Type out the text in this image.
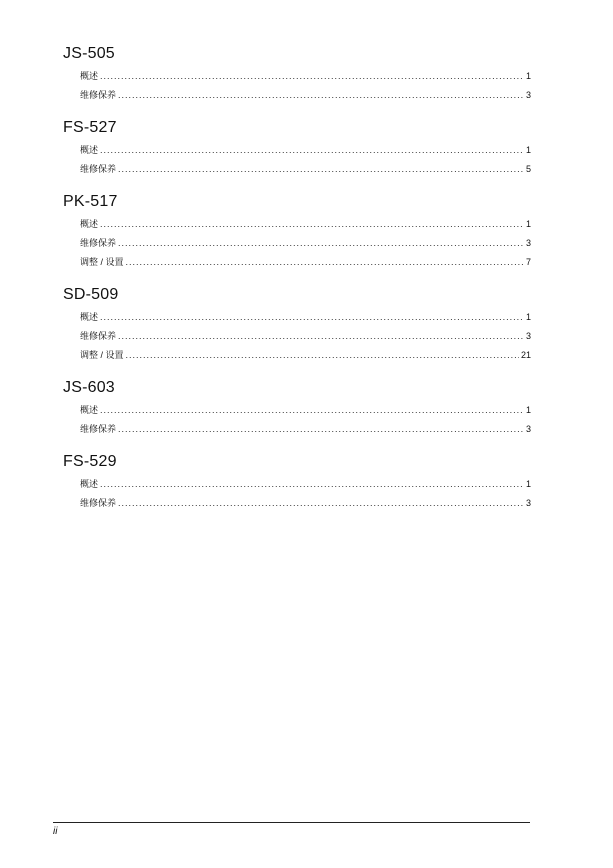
JS-505
概述 .....	1
维修保养 .....	3
FS-527
概述 .....	1
维修保养 .....	5
PK-517
概述 .....	1
维修保养 .....	3
调整 / 设置 .....	7
SD-509
概述 .....	1
维修保养 .....	3
调整 / 设置 .....	21
JS-603
概述 .....	1
维修保养 .....	3
FS-529
概述 .....	1
维修保养 .....	3
ii
